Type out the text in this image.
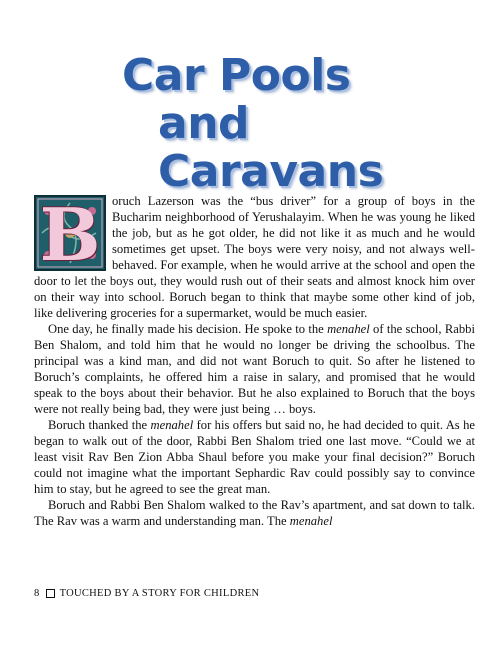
Car Pools
and Caravans

B oruch Lazerson was the “bus driver” for a group of boys in the Bucharim neighborhood of Yerushalayim. When he was young he liked the job, but as he got older, he did not like it as much and he would sometimes get upset. The boys were very noisy, and not always well-behaved. For example, when he would arrive at the school and open the door to let the boys out, they would rush out of their seats and almost knock him over on their way into school. Boruch began to think that maybe some other kind of job, like delivering groceries for a supermarket, would be much easier.

One day, he finally made his decision. He spoke to the menahel of the school, Rabbi Ben Shalom, and told him that he would no longer be driving the schoolbus. The principal was a kind man, and did not want Boruch to quit. So after he listened to Boruch’s complaints, he offered him a raise in salary, and promised that he would speak to the boys about their behavior. But he also explained to Boruch that the boys were not really being bad, they were just being … boys.

Boruch thanked the menahel for his offers but said no, he had decided to quit. As he began to walk out of the door, Rabbi Ben Shalom tried one last move. “Could we at least visit Rav Ben Zion Abba Shaul before you make your final decision?” Boruch could not imagine what the important Sephardic Rav could possibly say to convince him to stay, but he agreed to see the great man.

Boruch and Rabbi Ben Shalom walked to the Rav’s apartment, and sat down to talk. The Rav was a warm and understanding man. The menahel

8 TOUCHED BY A STORY FOR CHILDREN
